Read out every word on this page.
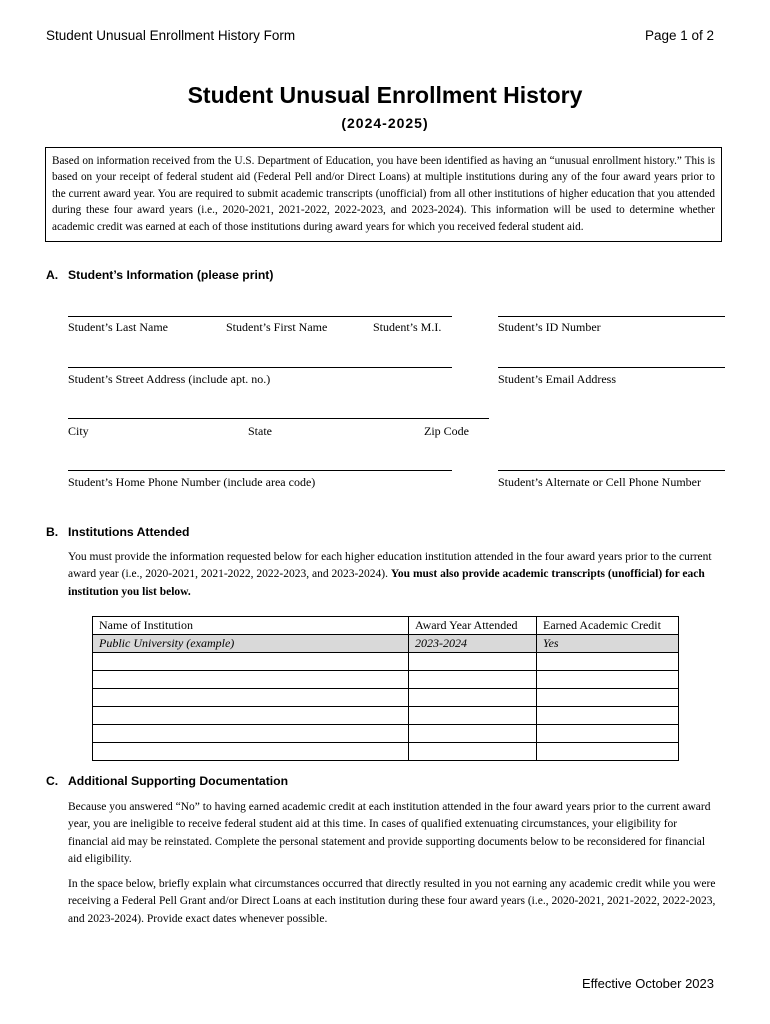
Student Unusual Enrollment History Form	Page 1 of 2
Student Unusual Enrollment History
(2024-2025)
Based on information received from the U.S. Department of Education, you have been identified as having an “unusual enrollment history.” This is based on your receipt of federal student aid (Federal Pell and/or Direct Loans) at multiple institutions during any of the four award years prior to the current award year. You are required to submit academic transcripts (unofficial) from all other institutions of higher education that you attended during these four award years (i.e., 2020-2021, 2021-2022, 2022-2023, and 2023-2024). This information will be used to determine whether academic credit was earned at each of those institutions during award years for which you received federal student aid.
A. Student’s Information (please print)
Student’s Last Name	Student’s First Name	Student’s M.I.	Student’s ID Number
Student’s Street Address (include apt. no.)	Student’s Email Address
City	State	Zip Code
Student’s Home Phone Number (include area code)	Student’s Alternate or Cell Phone Number
B. Institutions Attended
You must provide the information requested below for each higher education institution attended in the four award years prior to the current award year (i.e., 2020-2021, 2021-2022, 2022-2023, and 2023-2024). You must also provide academic transcripts (unofficial) for each institution you list below.
Name of Institution	Award Year Attended	Earned Academic Credit
Public University (example)	2023-2024	Yes

C. Additional Supporting Documentation
Because you answered “No” to having earned academic credit at each institution attended in the four award years prior to the current award year, you are ineligible to receive federal student aid at this time. In cases of qualified extenuating circumstances, your eligibility for financial aid may be reinstated. Complete the personal statement and provide supporting documents below to be reconsidered for financial aid eligibility.
In the space below, briefly explain what circumstances occurred that directly resulted in you not earning any academic credit while you were receiving a Federal Pell Grant and/or Direct Loans at each institution during these four award years (i.e., 2020-2021, 2021-2022, 2022-2023, and 2023-2024). Provide exact dates whenever possible.
Effective October 2023
